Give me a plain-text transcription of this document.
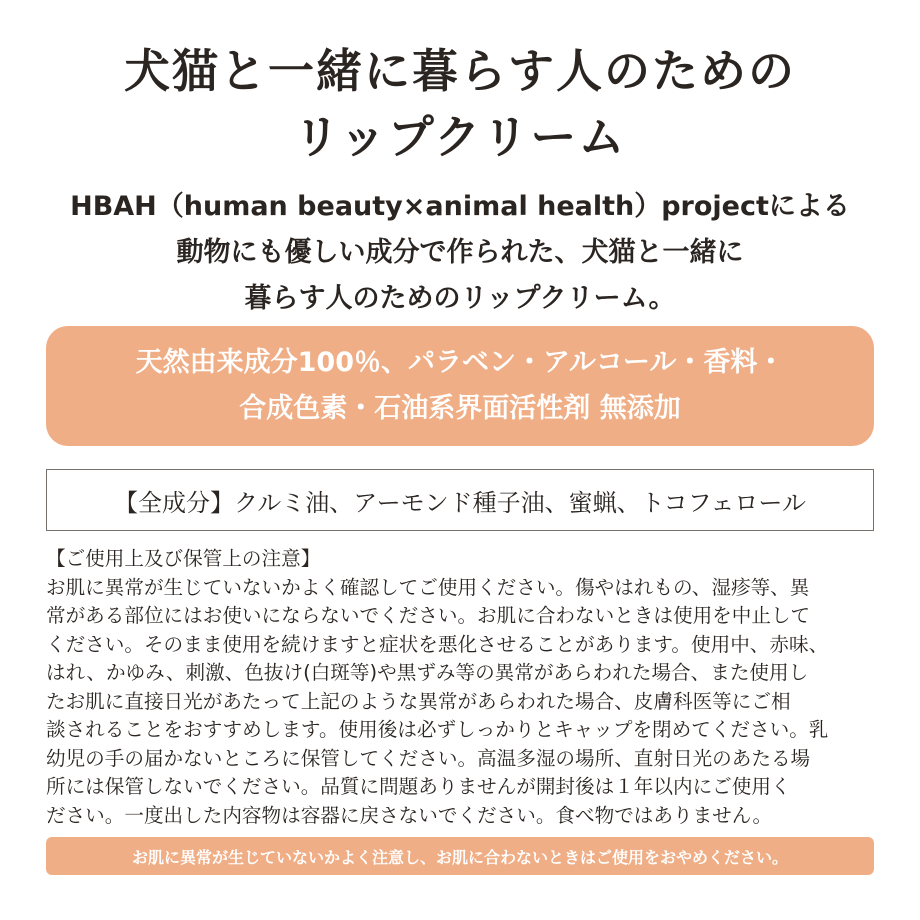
犬猫と一緒に暮らす人のための
リップクリーム
HBAH（human beauty×animal health）projectによる
動物にも優しい成分で作られた、犬猫と一緒に
暮らす人のためのリップクリーム。
天然由来成分100％、パラベン・アルコール・香料・
合成色素・石油系界面活性剤 無添加
【全成分】クルミ油、アーモンド種子油、蜜蝋、トコフェロール
【ご使用上及び保管上の注意】
お肌に異常が生じていないかよく確認してご使用ください。傷やはれもの、湿疹等、異
常がある部位にはお使いにならないでください。お肌に合わないときは使用を中止して
ください。そのまま使用を続けますと症状を悪化させることがあります。使用中、赤味、
はれ、かゆみ、刺激、色抜け(白斑等)や黒ずみ等の異常があらわれた場合、また使用し
たお肌に直接日光があたって上記のような異常があらわれた場合、皮膚科医等にご相
談されることをおすすめします。使用後は必ずしっかりとキャップを閉めてください。乳
幼児の手の届かないところに保管してください。高温多湿の場所、直射日光のあたる場
所には保管しないでください。品質に問題ありませんが開封後は１年以内にご使用く
ださい。一度出した内容物は容器に戻さないでください。食べ物ではありません。
お肌に異常が生じていないかよく注意し、お肌に合わないときはご使用をおやめください。
